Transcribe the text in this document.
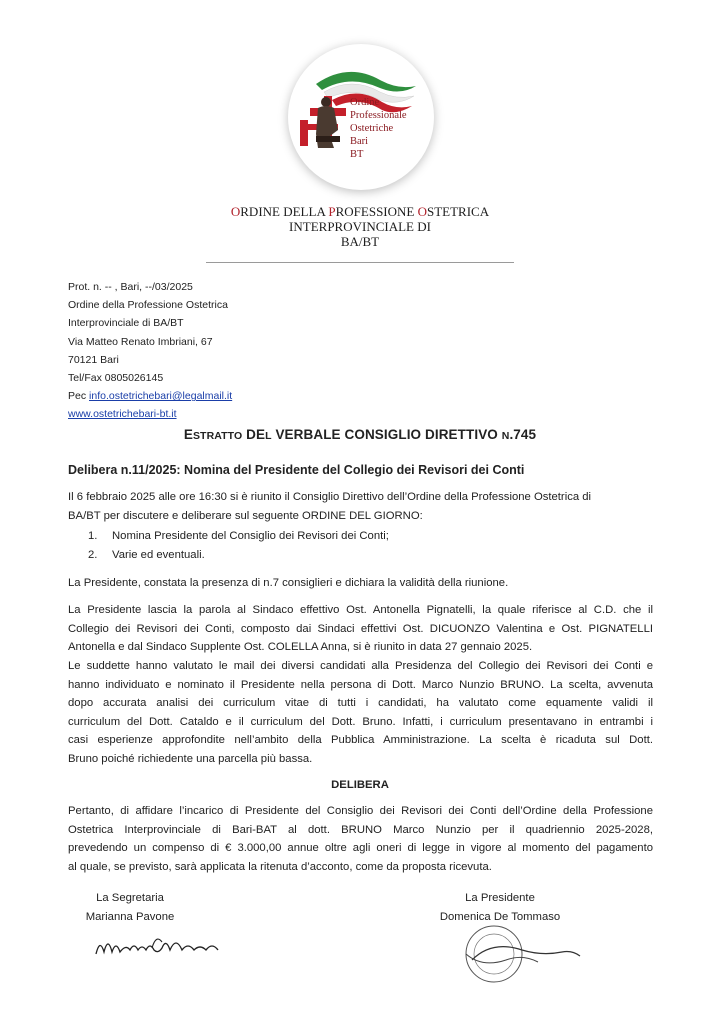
Ordine
Professionale
Ostetriche
Bari
BT
ORDINE DELLA PROFESSIONE OSTETRICA
INTERPROVINCIALE DI
BA/BT
Prot. n. -- , Bari, --/03/2025
Ordine della Professione Ostetrica
Interprovinciale di BA/BT
Via Matteo Renato Imbriani, 67
70121 Bari
Tel/Fax 0805026145
Pec info.ostetrichebari@legalmail.it
www.ostetrichebari-bt.it
ESTRATTO DEL VERBALE CONSIGLIO DIRETTIVO N.745
Delibera n.11/2025: Nomina del Presidente del Collegio dei Revisori dei Conti
Il 6 febbraio 2025 alle ore 16:30 si è riunito il Consiglio Direttivo dell’Ordine della Professione Ostetrica di
BA/BT per discutere e deliberare sul seguente ORDINE DEL GIORNO:
1. Nomina Presidente del Consiglio dei Revisori dei Conti;
2. Varie ed eventuali.
La Presidente, constata la presenza di n.7 consiglieri e dichiara la validità della riunione.
La Presidente lascia la parola al Sindaco effettivo Ost. Antonella Pignatelli, la quale riferisce al C.D. che il
Collegio dei Revisori dei Conti, composto dai Sindaci effettivi Ost. DICUONZO Valentina e Ost. PIGNATELLI
Antonella e dal Sindaco Supplente Ost. COLELLA Anna, si è riunito in data 27 gennaio 2025.
Le suddette hanno valutato le mail dei diversi candidati alla Presidenza del Collegio dei Revisori dei Conti e
hanno individuato e nominato il Presidente nella persona di Dott. Marco Nunzio BRUNO. La scelta, avvenuta
dopo accurata analisi dei curriculum vitae di tutti i candidati, ha valutato come equamente validi il
curriculum del Dott. Cataldo e il curriculum del Dott. Bruno. Infatti, i curriculum presentavano in entrambi i
casi esperienze approfondite nell’ambito della Pubblica Amministrazione. La scelta è ricaduta sul Dott.
Bruno poiché richiedente una parcella più bassa.
DELIBERA
Pertanto, di affidare l’incarico di Presidente del Consiglio dei Revisori dei Conti dell’Ordine della Professione
Ostetrica Interprovinciale di Bari-BAT al dott. BRUNO Marco Nunzio per il quadriennio 2025-2028,
prevedendo un compenso di € 3.000,00 annue oltre agli oneri di legge in vigore al momento del pagamento
al quale, se previsto, sarà applicata la ritenuta d’acconto, come da proposta ricevuta.
La Segretaria
Marianna Pavone
La Presidente
Domenica De Tommaso
